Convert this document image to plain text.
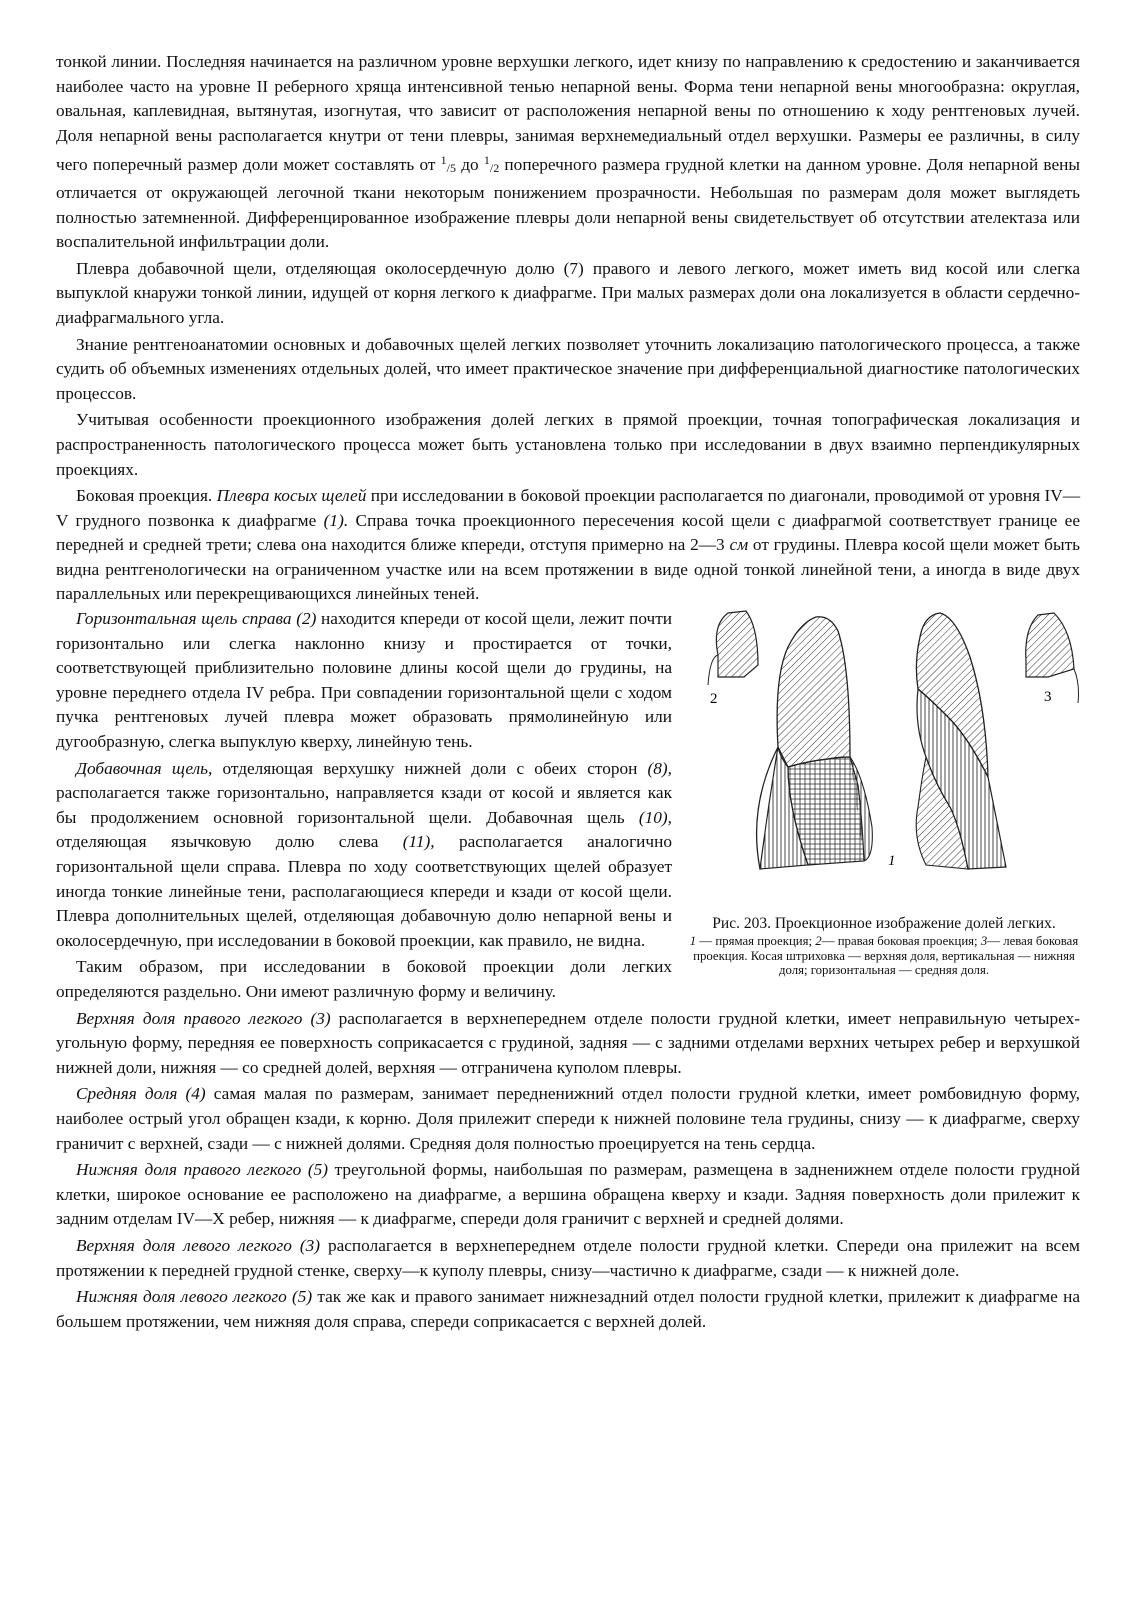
тонкой линии. Последняя начинается на различном уровне верхушки легкого, идет книзу по направлению к средостению и заканчивается наиболее часто на уровне II реберного хряща интенсивной тенью непарной вены. Форма тени непарной вены многообразна: округлая, овальная, каплевидная, вытянутая, изогнутая, что зависит от расположения непарной вены по отношению к ходу рентгеновых лучей. Доля непарной вены располагается кнутри от тени плевры, занимая верхнемедиальный отдел верхушки. Размеры ее различны, в силу чего поперечный размер доли может составлять от $^1$/5 до $^1$/2 поперечного размера грудной клетки на данном уровне. Доля непарной вены отличается от окружающей легочной ткани некоторым понижением прозрачности. Небольшая по размерам доля может выглядеть полностью затемненной. Дифференцированное изображение плевры доли непарной вены свидетельствует об отсутствии ателектаза или воспалительной инфильтрации доли.

Плевра добавочной щели, отделяющая околосердечную долю (7) правого и левого легкого, может иметь вид косой или слегка выпуклой кнаружи тонкой линии, идущей от корня легкого к диафрагме. При малых размерах доли она локализуется в области сердечно-диафрагмального угла.

Знание рентгеноанатомии основных и добавочных щелей легких позволяет уточнить локализацию патологического процесса, а также судить об объемных изменениях отдельных долей, что имеет практическое значение при дифференциальной диагностике патологических процессов.

Учитывая особенности проекционного изображения долей легких в прямой проекции, точная топографическая локализация и распространенность патологического процесса может быть установлена только при исследовании в двух взаимно перпендикулярных проекциях.

Боковая проекция. Плевра косых щелей при исследовании в боковой проекции располагается по диагонали, проводимой от уровня IV—V грудного позвонка к диафрагме (1). Справа точка проекционного пересечения косой щели с диафрагмой соответствует границе ее передней и средней трети; слева она находится ближе кпереди, отступя примерно на 2—3 см от грудины. Плевра косой щели может быть видна рентгенологически на ограниченном участке или на всем протяжении в виде одной тонкой линейной тени, а иногда в виде двух параллельных или перекрещивающихся линейных теней.

2
1
3

Рис. 203. Проекционное изображение долей легких.

1 — прямая проекция; 2— правая боковая проекция; 3— левая боковая проекция. Косая штриховка — верхняя доля, вертикальная — нижняя доля; горизонтальная — средняя доля.

Горизонтальная щель справа (2) находится кпереди от косой щели, лежит почти горизонтально или слегка наклонно книзу и простирается от точки, соответствующей приблизительно половине длины косой щели до грудины, на уровне переднего отдела IV ребра. При совпадении горизонтальной щели с ходом пучка рентгеновых лучей плевра может образовать прямолинейную или дугообразную, слегка выпуклую кверху, линейную тень.

Добавочная щель, отделяющая верхушку нижней доли с обеих сторон (8), располагается также горизонтально, направляется кзади от косой и является как бы продолжением основной горизонтальной щели. Добавочная щель (10), отделяющая язычковую долю слева (11), располагается аналогично горизонтальной щели справа. Плевра по ходу соответствующих щелей образует иногда тонкие линейные тени, располагающиеся кпереди и кзади от косой щели. Плевра дополнительных щелей, отделяющая добавочную долю непарной вены и околосердечную, при исследовании в боковой проекции, как правило, не видна.

Таким образом, при исследовании в боковой проекции доли легких определяются раздельно. Они имеют различную форму и величину.

Верхняя доля правого легкого (3) располагается в верхнепереднем отделе полости грудной клетки, имеет неправильную четырехугольную форму, передняя ее поверхность соприкасается с грудиной, задняя — с задними отделами верхних четырех ребер и верхушкой нижней доли, нижняя — со средней долей, верхняя — отграничена куполом плевры.

Средняя доля (4) самая малая по размерам, занимает передненижний отдел полости грудной клетки, имеет ромбовидную форму, наиболее острый угол обращен кзади, к корню. Доля прилежит спереди к нижней половине тела грудины, снизу — к диафрагме, сверху граничит с верхней, сзади — с нижней долями. Средняя доля полностью проецируется на тень сердца.

Нижняя доля правого легкого (5) треугольной формы, наибольшая по размерам, размещена в задненижнем отделе полости грудной клетки, широкое основание ее расположено на диафрагме, а вершина обращена кверху и кзади. Задняя поверхность доли прилежит к задним отделам IV—X ребер, нижняя — к диафрагме, спереди доля граничит с верхней и средней долями.

Верхняя доля левого легкого (3) располагается в верхнепереднем отделе полости грудной клетки. Спереди она прилежит на всем протяжении к передней грудной стенке, сверху—к куполу плевры, снизу—частично к диафрагме, сзади — к нижней доле.

Нижняя доля левого легкого (5) так же как и правого занимает нижнезадний отдел полости грудной клетки, прилежит к диафрагме на большем протяжении, чем нижняя доля справа, спереди соприкасается с верхней долей.
